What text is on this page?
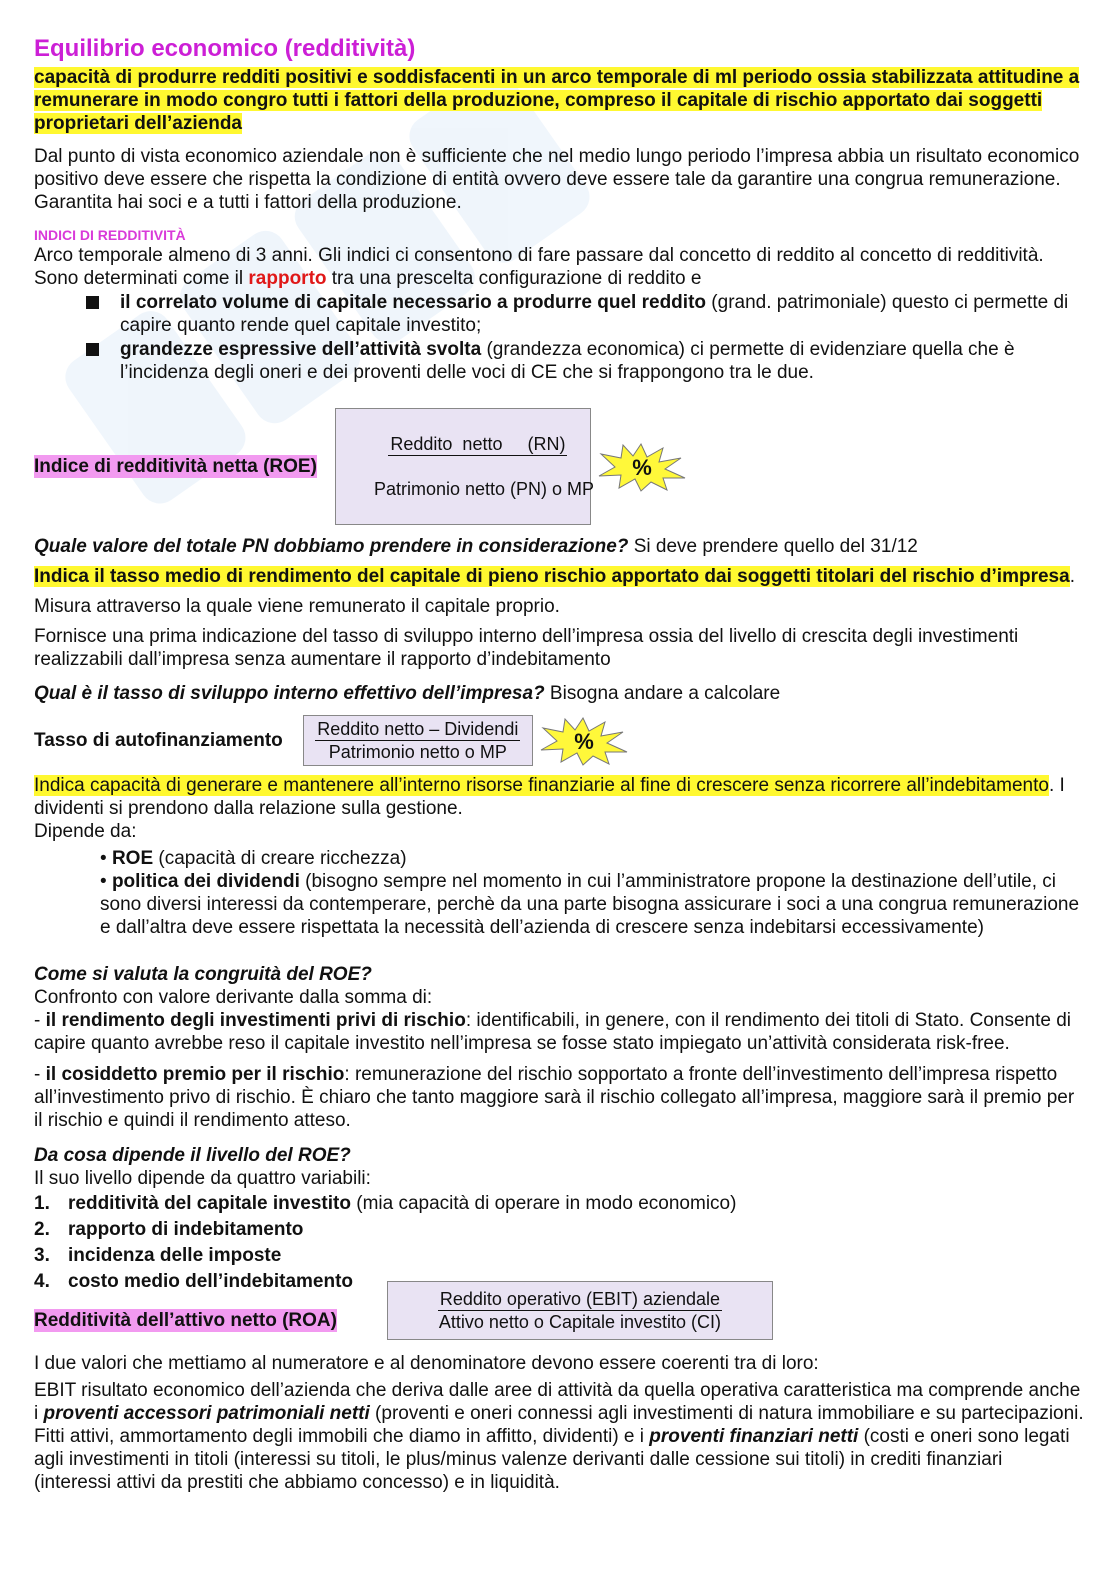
Equilibrio economico (redditività)

capacità di produrre redditi positivi e soddisfacenti in un arco temporale di ml periodo ossia stabilizzata attitudine a remunerare in modo congro tutti i fattori della produzione, compreso il capitale di rischio apportato dai soggetti proprietari dell’azienda

Dal punto di vista economico aziendale non è sufficiente che nel medio lungo periodo l’impresa abbia un risultato economico positivo deve essere che rispetta la condizione di entità ovvero deve essere tale da garantire una congrua remunerazione. Garantita hai soci e a tutti i fattori della produzione.

INDICI DI REDDITIVITÀ

Arco temporale almeno di 3 anni. Gli indici ci consentono di fare passare dal concetto di reddito al concetto di redditività. Sono determinati come il rapporto tra una prescelta configurazione di reddito e

il correlato volume di capitale necessario a produrre quel reddito (grand. patrimoniale) questo ci permette di capire quanto rende quel capitale investito;
grandezze espressive dell’attività svolta (grandezza economica) ci permette di evidenziare quella che è l’incidenza degli oneri e dei proventi delle voci di CE che si frappongono tra le due.
Indice di redditività netta (ROE)

Reddito  netto     (RN)

Patrimonio netto (PN) o MP

%

Quale valore del totale PN dobbiamo prendere in considerazione? Si deve prendere quello del 31/12

Indica il tasso medio di rendimento del capitale di pieno rischio apportato dai soggetti titolari del rischio d’impresa.

Misura attraverso la quale viene remunerato il capitale proprio.

Fornisce una prima indicazione del tasso di sviluppo interno dell’impresa ossia del livello di crescita degli investimenti realizzabili dall’impresa senza aumentare il rapporto d’indebitamento

Qual è il tasso di sviluppo interno effettivo dell’impresa? Bisogna andare a calcolare

Tasso di autofinanziamento
Reddito netto – Dividendi
Patrimonio netto o MP	%

Indica capacità di generare e mantenere all’interno risorse finanziarie al fine di crescere senza ricorrere all’indebitamento. I dividenti si prendono dalla relazione sulla gestione.

Dipende da:

• ROE (capacità di creare ricchezza)

• politica dei dividendi (bisogno sempre nel momento in cui l’amministratore propone la destinazione dell’utile, ci sono diversi interessi da contemperare, perchè da una parte bisogna assicurare i soci a una congrua remunerazione e dall’altra deve essere rispettata la necessità dell’azienda di crescere senza indebitarsi eccessivamente)

Come si valuta la congruità del ROE?

Confronto con valore derivante dalla somma di:

- il rendimento degli investimenti privi di rischio: identificabili, in genere, con il rendimento dei titoli di Stato. Consente di capire quanto avrebbe reso il capitale investito nell’impresa se fosse stato impiegato un’attività considerata risk-free.

- il cosiddetto premio per il rischio: remunerazione del rischio sopportato a fronte dell’investimento dell’impresa rispetto all’investimento privo di rischio. È chiaro che tanto maggiore sarà il rischio collegato all’impresa, maggiore sarà il premio per il rischio e quindi il rendimento atteso.

Da cosa dipende il livello del ROE?

Il suo livello dipende da quattro variabili:

1. redditività del capitale investito (mia capacità di operare in modo economico)
2. rapporto di indebitamento
3. incidenza delle imposte
4. costo medio dell’indebitamento
Redditività dell’attivo netto (ROA)
Reddito operativo (EBIT) aziendale
Attivo netto o Capitale investito (CI)

I due valori che mettiamo al numeratore e al denominatore devono essere coerenti tra di loro:

EBIT risultato economico dell’azienda che deriva dalle aree di attività da quella operativa caratteristica ma comprende anche i proventi accessori patrimoniali netti (proventi e oneri connessi agli investimenti di natura immobiliare e su partecipazioni. Fitti attivi, ammortamento degli immobili che diamo in affitto, dividenti) e i proventi finanziari netti (costi e oneri sono legati agli investimenti in titoli (interessi su titoli, le plus/minus valenze derivanti dalle cessione sui titoli) in crediti finanziari (interessi attivi da prestiti che abbiamo concesso) e in liquidità.
